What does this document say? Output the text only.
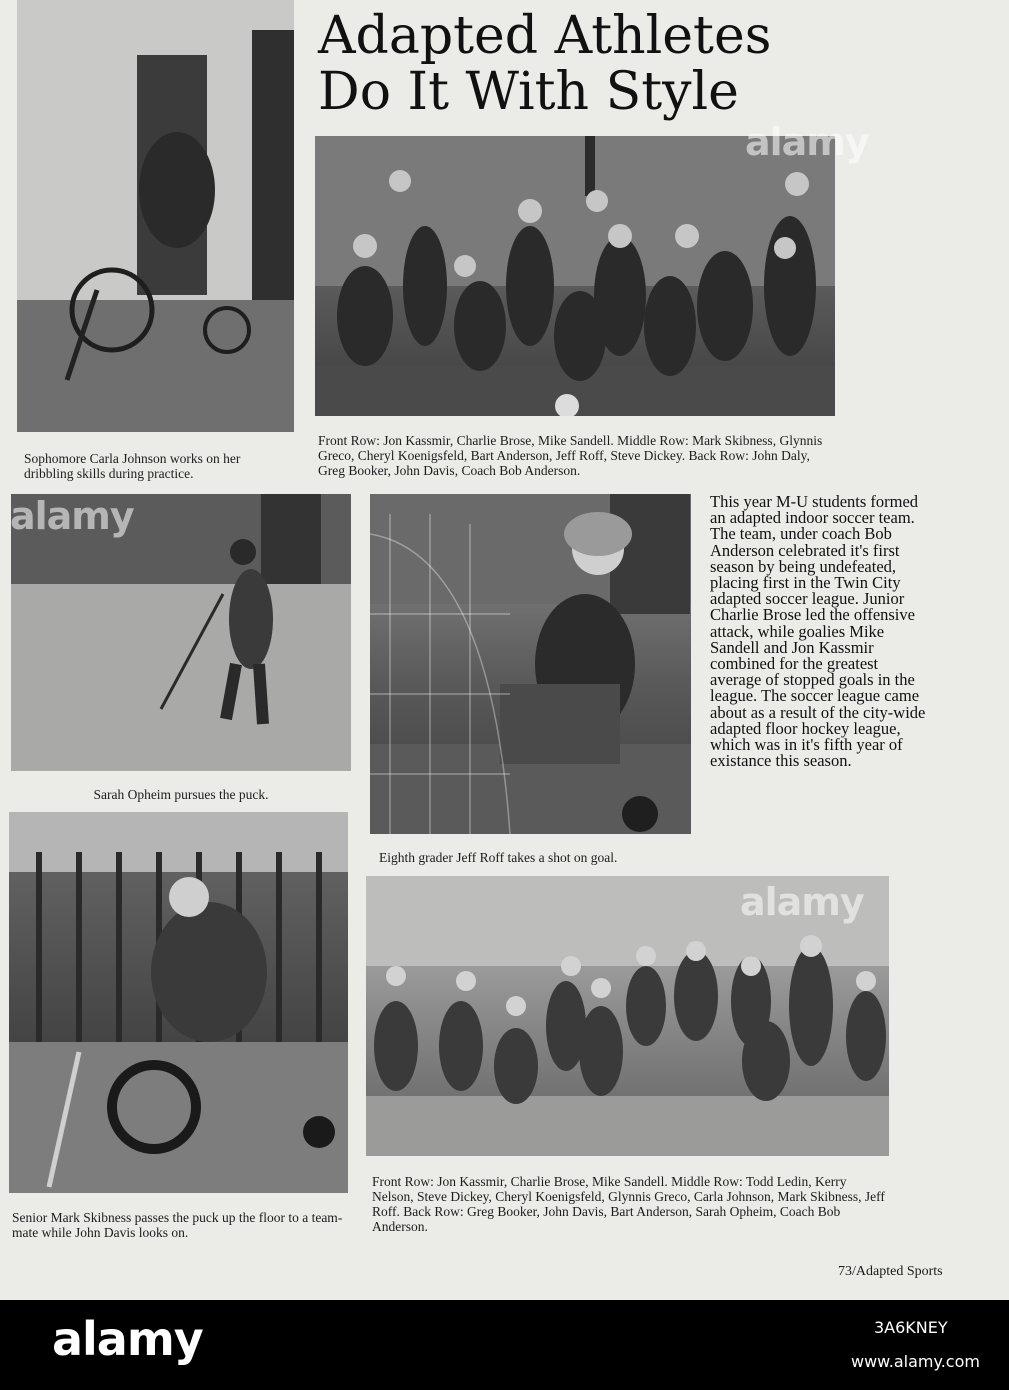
Adapted Athletes
Do It With Style

Sophomore Carla Johnson works on her dribbling skills during practice.

Front Row: Jon Kassmir, Charlie Brose, Mike Sandell. Middle Row: Mark Skibness, Glynnis Greco, Cheryl Koenigsfeld, Bart Anderson, Jeff Roff, Steve Dickey. Back Row: John Daly, Greg Booker, John Davis, Coach Bob Anderson.

Sarah Opheim pursues the puck.

Eighth grader Jeff Roff takes a shot on goal.

This year M-U students formed an adapted indoor soccer team. The team, under coach Bob Anderson celebrated it's first season by being undefeated, placing first in the Twin City adapted soccer league. Junior Charlie Brose led the offensive attack, while goalies Mike Sandell and Jon Kassmir combined for the greatest average of stopped goals in the league. The soccer league came about as a result of the city-wide adapted floor hockey league, which was in it's fifth year of existance this season.

Senior Mark Skibness passes the puck up the floor to a team-mate while John Davis looks on.

Front Row: Jon Kassmir, Charlie Brose, Mike Sandell. Middle Row: Todd Ledin, Kerry Nelson, Steve Dickey, Cheryl Koenigsfeld, Glynnis Greco, Carla Johnson, Mark Skibness, Jeff Roff. Back Row: Greg Booker, John Davis, Bart Anderson, Sarah Opheim, Coach Bob Anderson.

73/Adapted Sports
alamy
alamy
alamy
alamy	3A6KNEY
www.alamy.com
